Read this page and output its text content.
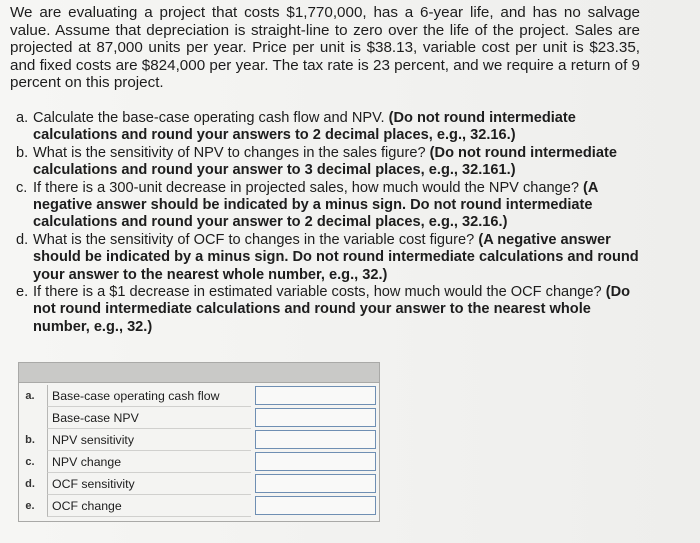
We are evaluating a project that costs $1,770,000, has a 6-year life, and has no salvage value. Assume that depreciation is straight-line to zero over the life of the project. Sales are projected at 87,000 units per year. Price per unit is $38.13, variable cost per unit is $23.35, and fixed costs are $824,000 per year. The tax rate is 23 percent, and we require a return of 9 percent on this project.

a. Calculate the base-case operating cash flow and NPV. (Do not round intermediate calculations and round your answers to 2 decimal places, e.g., 32.16.)
b. What is the sensitivity of NPV to changes in the sales figure? (Do not round intermediate calculations and round your answer to 3 decimal places, e.g., 32.161.)
c. If there is a 300-unit decrease in projected sales, how much would the NPV change? (A negative answer should be indicated by a minus sign. Do not round intermediate calculations and round your answer to 2 decimal places, e.g., 32.16.)
d. What is the sensitivity of OCF to changes in the variable cost figure? (A negative answer should be indicated by a minus sign. Do not round intermediate calculations and round your answer to the nearest whole number, e.g., 32.)
e. If there is a $1 decrease in estimated variable costs, how much would the OCF change? (Do not round intermediate calculations and round your answer to the nearest whole number, e.g., 32.)
a.	Base-case operating cash flow
Base-case NPV
b.	NPV sensitivity
c.	NPV change
d.	OCF sensitivity
e.	OCF change
